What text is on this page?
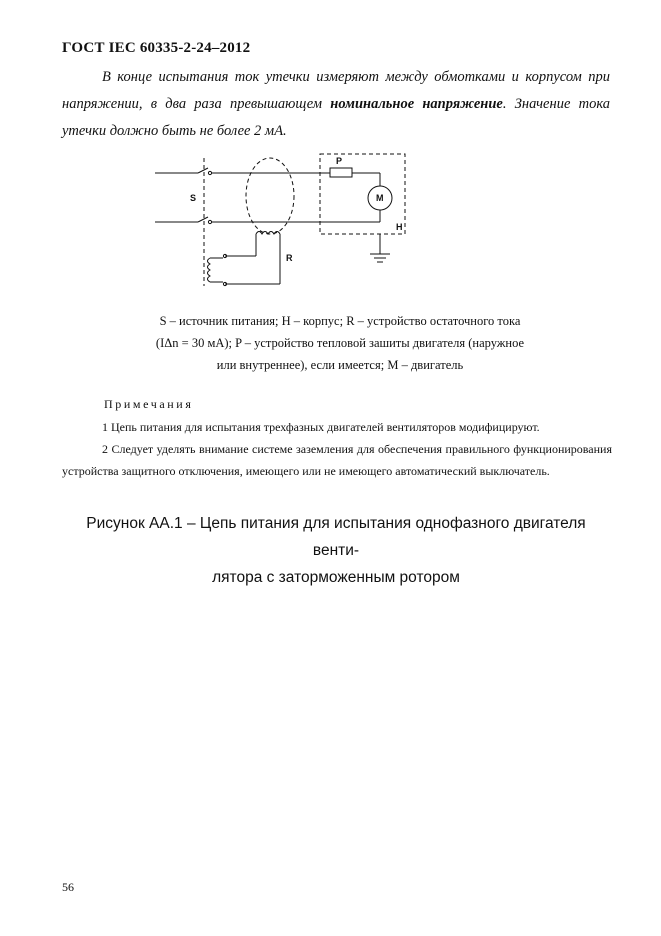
ГОСТ IEC 60335-2-24–2012

В конце испытания ток утечки измеряют между обмотками и корпусом при напряжении, в два раза превышающем номинальное напряжение. Значение тока утечки должно быть не более 2 мА.

S
P
M
H
R
S – источник питания; H – корпус; R – устройство остаточного тока
(IΔn = 30 мА); P – устройство тепловой зашиты двигателя (наружное
или внутреннее), если имеется; M – двигатель
Примечания

1 Цепь питания для испытания трехфазных двигателей вентиляторов модифицируют.

2 Следует уделять внимание системе заземления для обеспечения правильного функционирования устройства защитного отключения, имеющего или не имеющего автоматический выключатель.

Рисунок АА.1 – Цепь питания для испытания однофазного двигателя венти-
лятора с заторможенным ротором
56
